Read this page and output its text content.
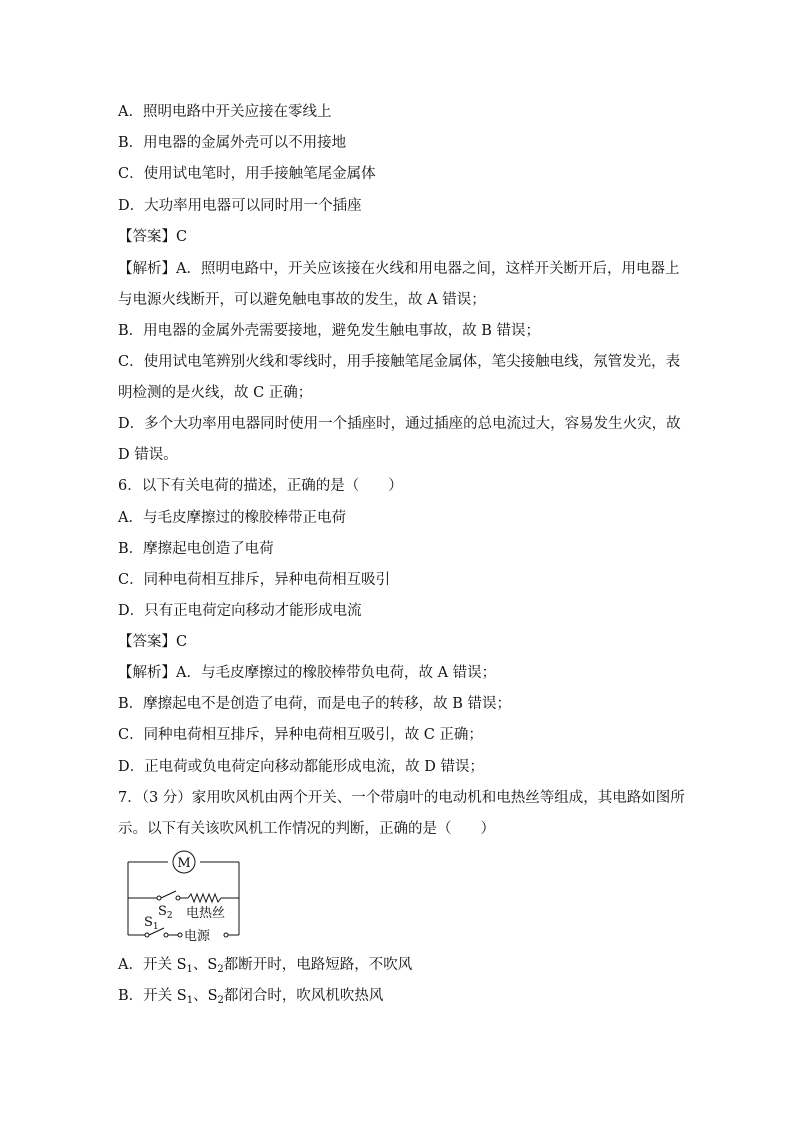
A．照明电路中开关应接在零线上
B．用电器的金属外壳可以不用接地
C．使用试电笔时，用手接触笔尾金属体
D．大功率用电器可以同时用一个插座
【答案】C
【解析】A．照明电路中，开关应该接在火线和用电器之间，这样开关断开后，用电器上
与电源火线断开，可以避免触电事故的发生，故 A 错误；
B．用电器的金属外壳需要接地，避免发生触电事故，故 B 错误；
C．使用试电笔辨别火线和零线时，用手接触笔尾金属体，笔尖接触电线，氖管发光，表
明检测的是火线，故 C 正确；
D．多个大功率用电器同时使用一个插座时，通过插座的总电流过大，容易发生火灾，故
D 错误。
6．以下有关电荷的描述，正确的是（　　）
A．与毛皮摩擦过的橡胶棒带正电荷
B．摩擦起电创造了电荷
C．同种电荷相互排斥，异种电荷相互吸引
D．只有正电荷定向移动才能形成电流
【答案】C
【解析】A．与毛皮摩擦过的橡胶棒带负电荷，故 A 错误；
B．摩擦起电不是创造了电荷，而是电子的转移，故 B 错误；
C．同种电荷相互排斥，异种电荷相互吸引，故 C 正确；
D．正电荷或负电荷定向移动都能形成电流，故 D 错误；
7．（3 分）家用吹风机由两个开关、一个带扇叶的电动机和电热丝等组成，其电路如图所
示。以下有关该吹风机工作情况的判断，正确的是（　　）
M
$S_2$ 电热丝
$S_1$
电源
A．开关 $S_1$、$S_2$都断开时，电路短路，不吹风
B．开关 $S_1$、$S_2$都闭合时，吹风机吹热风
